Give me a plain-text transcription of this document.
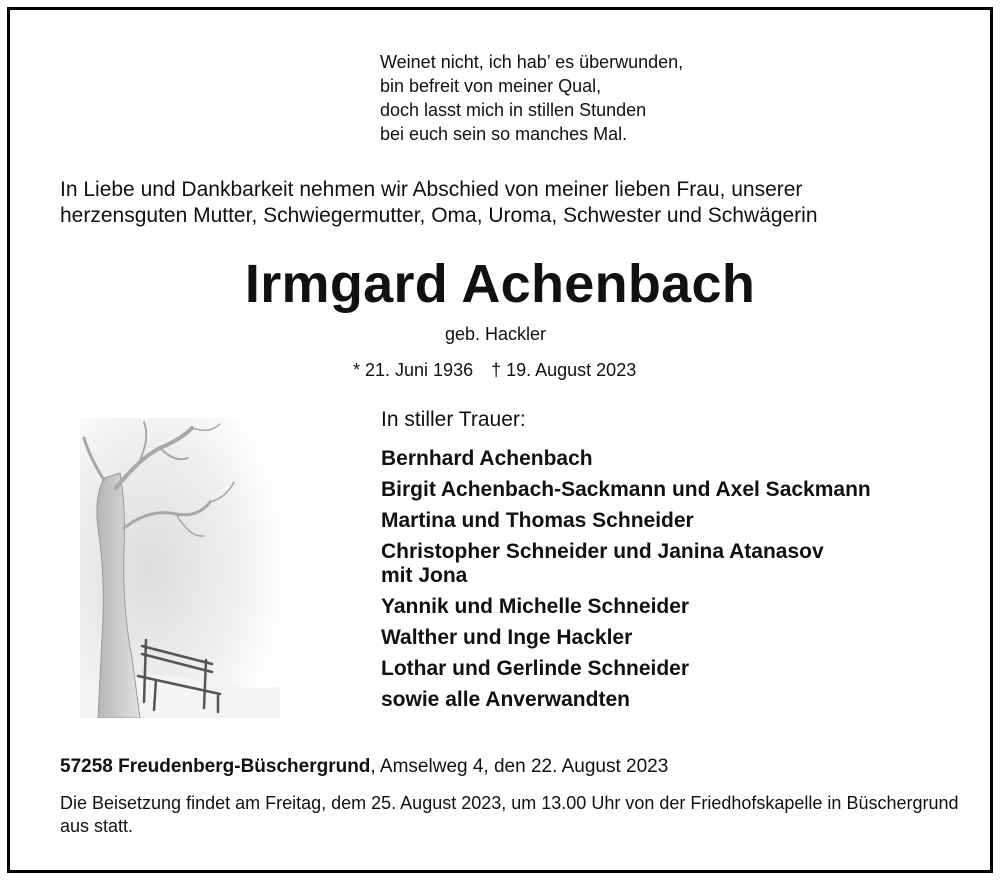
Weinet nicht, ich hab’ es überwunden,
bin befreit von meiner Qual,
doch lasst mich in stillen Stunden
bei euch sein so manches Mal.
In Liebe und Dankbarkeit nehmen wir Abschied von meiner lieben Frau, unserer
herzensguten Mutter, Schwiegermutter, Oma, Uroma, Schwester und Schwägerin
Irmgard Achenbach
geb. Hackler
* 21. Juni 1936 † 19. August 2023
In stiller Trauer:
Bernhard Achenbach
Birgit Achenbach-Sackmann und Axel Sackmann
Martina und Thomas Schneider
Christopher Schneider und Janina Atanasov
mit Jona
Yannik und Michelle Schneider
Walther und Inge Hackler
Lothar und Gerlinde Schneider
sowie alle Anverwandten
57258 Freudenberg-Büschergrund, Amselweg 4, den 22. August 2023
Die Beisetzung findet am Freitag, dem 25. August 2023, um 13.00 Uhr von der Friedhofskapelle in Büschergrund aus statt.
